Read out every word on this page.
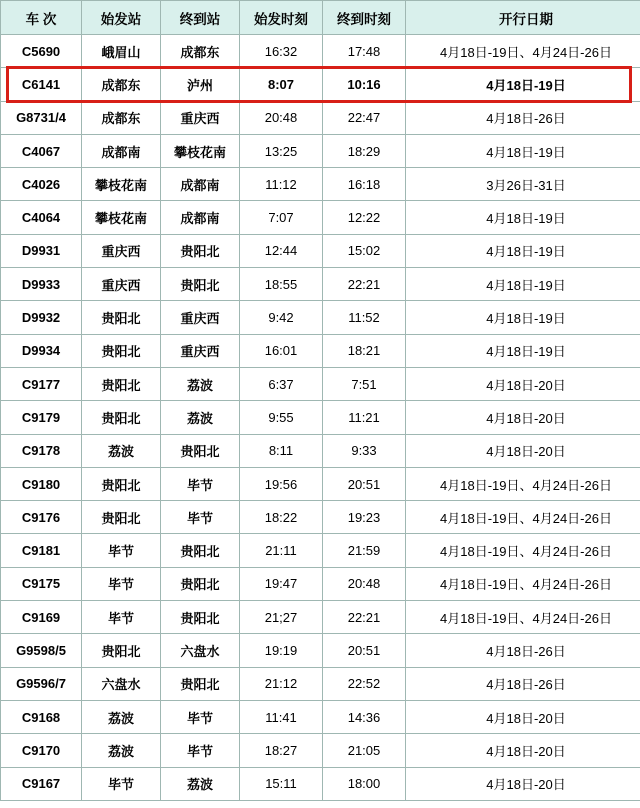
车 次	始发站	终到站	始发时刻	终到时刻	开行日期
C5690	峨眉山	成都东	16:32	17:48	4月18日-19日、4月24日-26日
C6141	成都东	泸州	8:07	10:16	4月18日-19日
G8731/4	成都东	重庆西	20:48	22:47	4月18日-26日
C4067	成都南	攀枝花南	13:25	18:29	4月18日-19日
C4026	攀枝花南	成都南	11:12	16:18	3月26日-31日
C4064	攀枝花南	成都南	7:07	12:22	4月18日-19日
D9931	重庆西	贵阳北	12:44	15:02	4月18日-19日
D9933	重庆西	贵阳北	18:55	22:21	4月18日-19日
D9932	贵阳北	重庆西	9:42	11:52	4月18日-19日
D9934	贵阳北	重庆西	16:01	18:21	4月18日-19日
C9177	贵阳北	荔波	6:37	7:51	4月18日-20日
C9179	贵阳北	荔波	9:55	11:21	4月18日-20日
C9178	荔波	贵阳北	8:11	9:33	4月18日-20日
C9180	贵阳北	毕节	19:56	20:51	4月18日-19日、4月24日-26日
C9176	贵阳北	毕节	18:22	19:23	4月18日-19日、4月24日-26日
C9181	毕节	贵阳北	21:11	21:59	4月18日-19日、4月24日-26日
C9175	毕节	贵阳北	19:47	20:48	4月18日-19日、4月24日-26日
C9169	毕节	贵阳北	21;27	22:21	4月18日-19日、4月24日-26日
G9598/5	贵阳北	六盘水	19:19	20:51	4月18日-26日
G9596/7	六盘水	贵阳北	21:12	22:52	4月18日-26日
C9168	荔波	毕节	11:41	14:36	4月18日-20日
C9170	荔波	毕节	18:27	21:05	4月18日-20日
C9167	毕节	荔波	15:11	18:00	4月18日-20日
